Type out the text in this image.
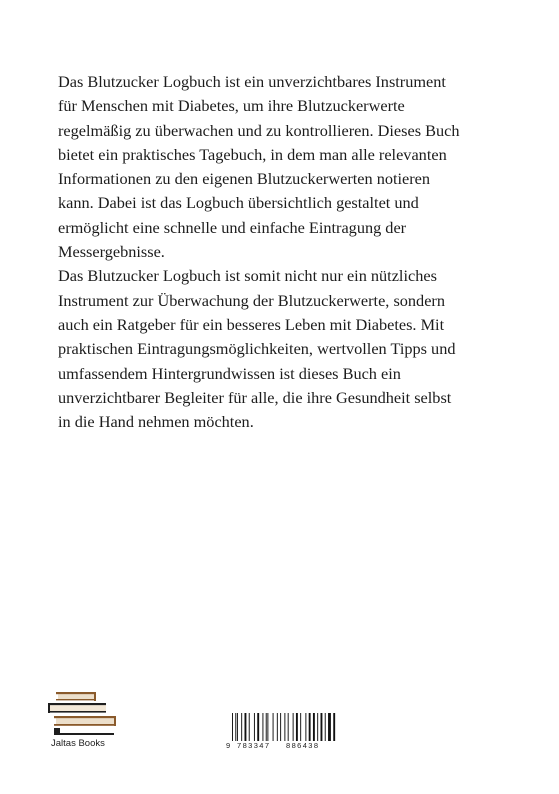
Das Blutzucker Logbuch ist ein unverzichtbares Instrument
für Menschen mit Diabetes, um ihre Blutzuckerwerte
regelmäßig zu überwachen und zu kontrollieren. Dieses Buch
bietet ein praktisches Tagebuch, in dem man alle relevanten
Informationen zu den eigenen Blutzuckerwerten notieren
kann. Dabei ist das Logbuch übersichtlich gestaltet und
ermöglicht eine schnelle und einfache Eintragung der
Messergebnisse.

Das Blutzucker Logbuch ist somit nicht nur ein nützliches
Instrument zur Überwachung der Blutzuckerwerte, sondern
auch ein Ratgeber für ein besseres Leben mit Diabetes. Mit
praktischen Eintragungsmöglichkeiten, wertvollen Tipps und
umfassendem Hintergrundwissen ist dieses Buch ein
unverzichtbarer Begleiter für alle, die ihre Gesundheit selbst
in die Hand nehmen möchten.

Jaltas Books	9 783347 886438
